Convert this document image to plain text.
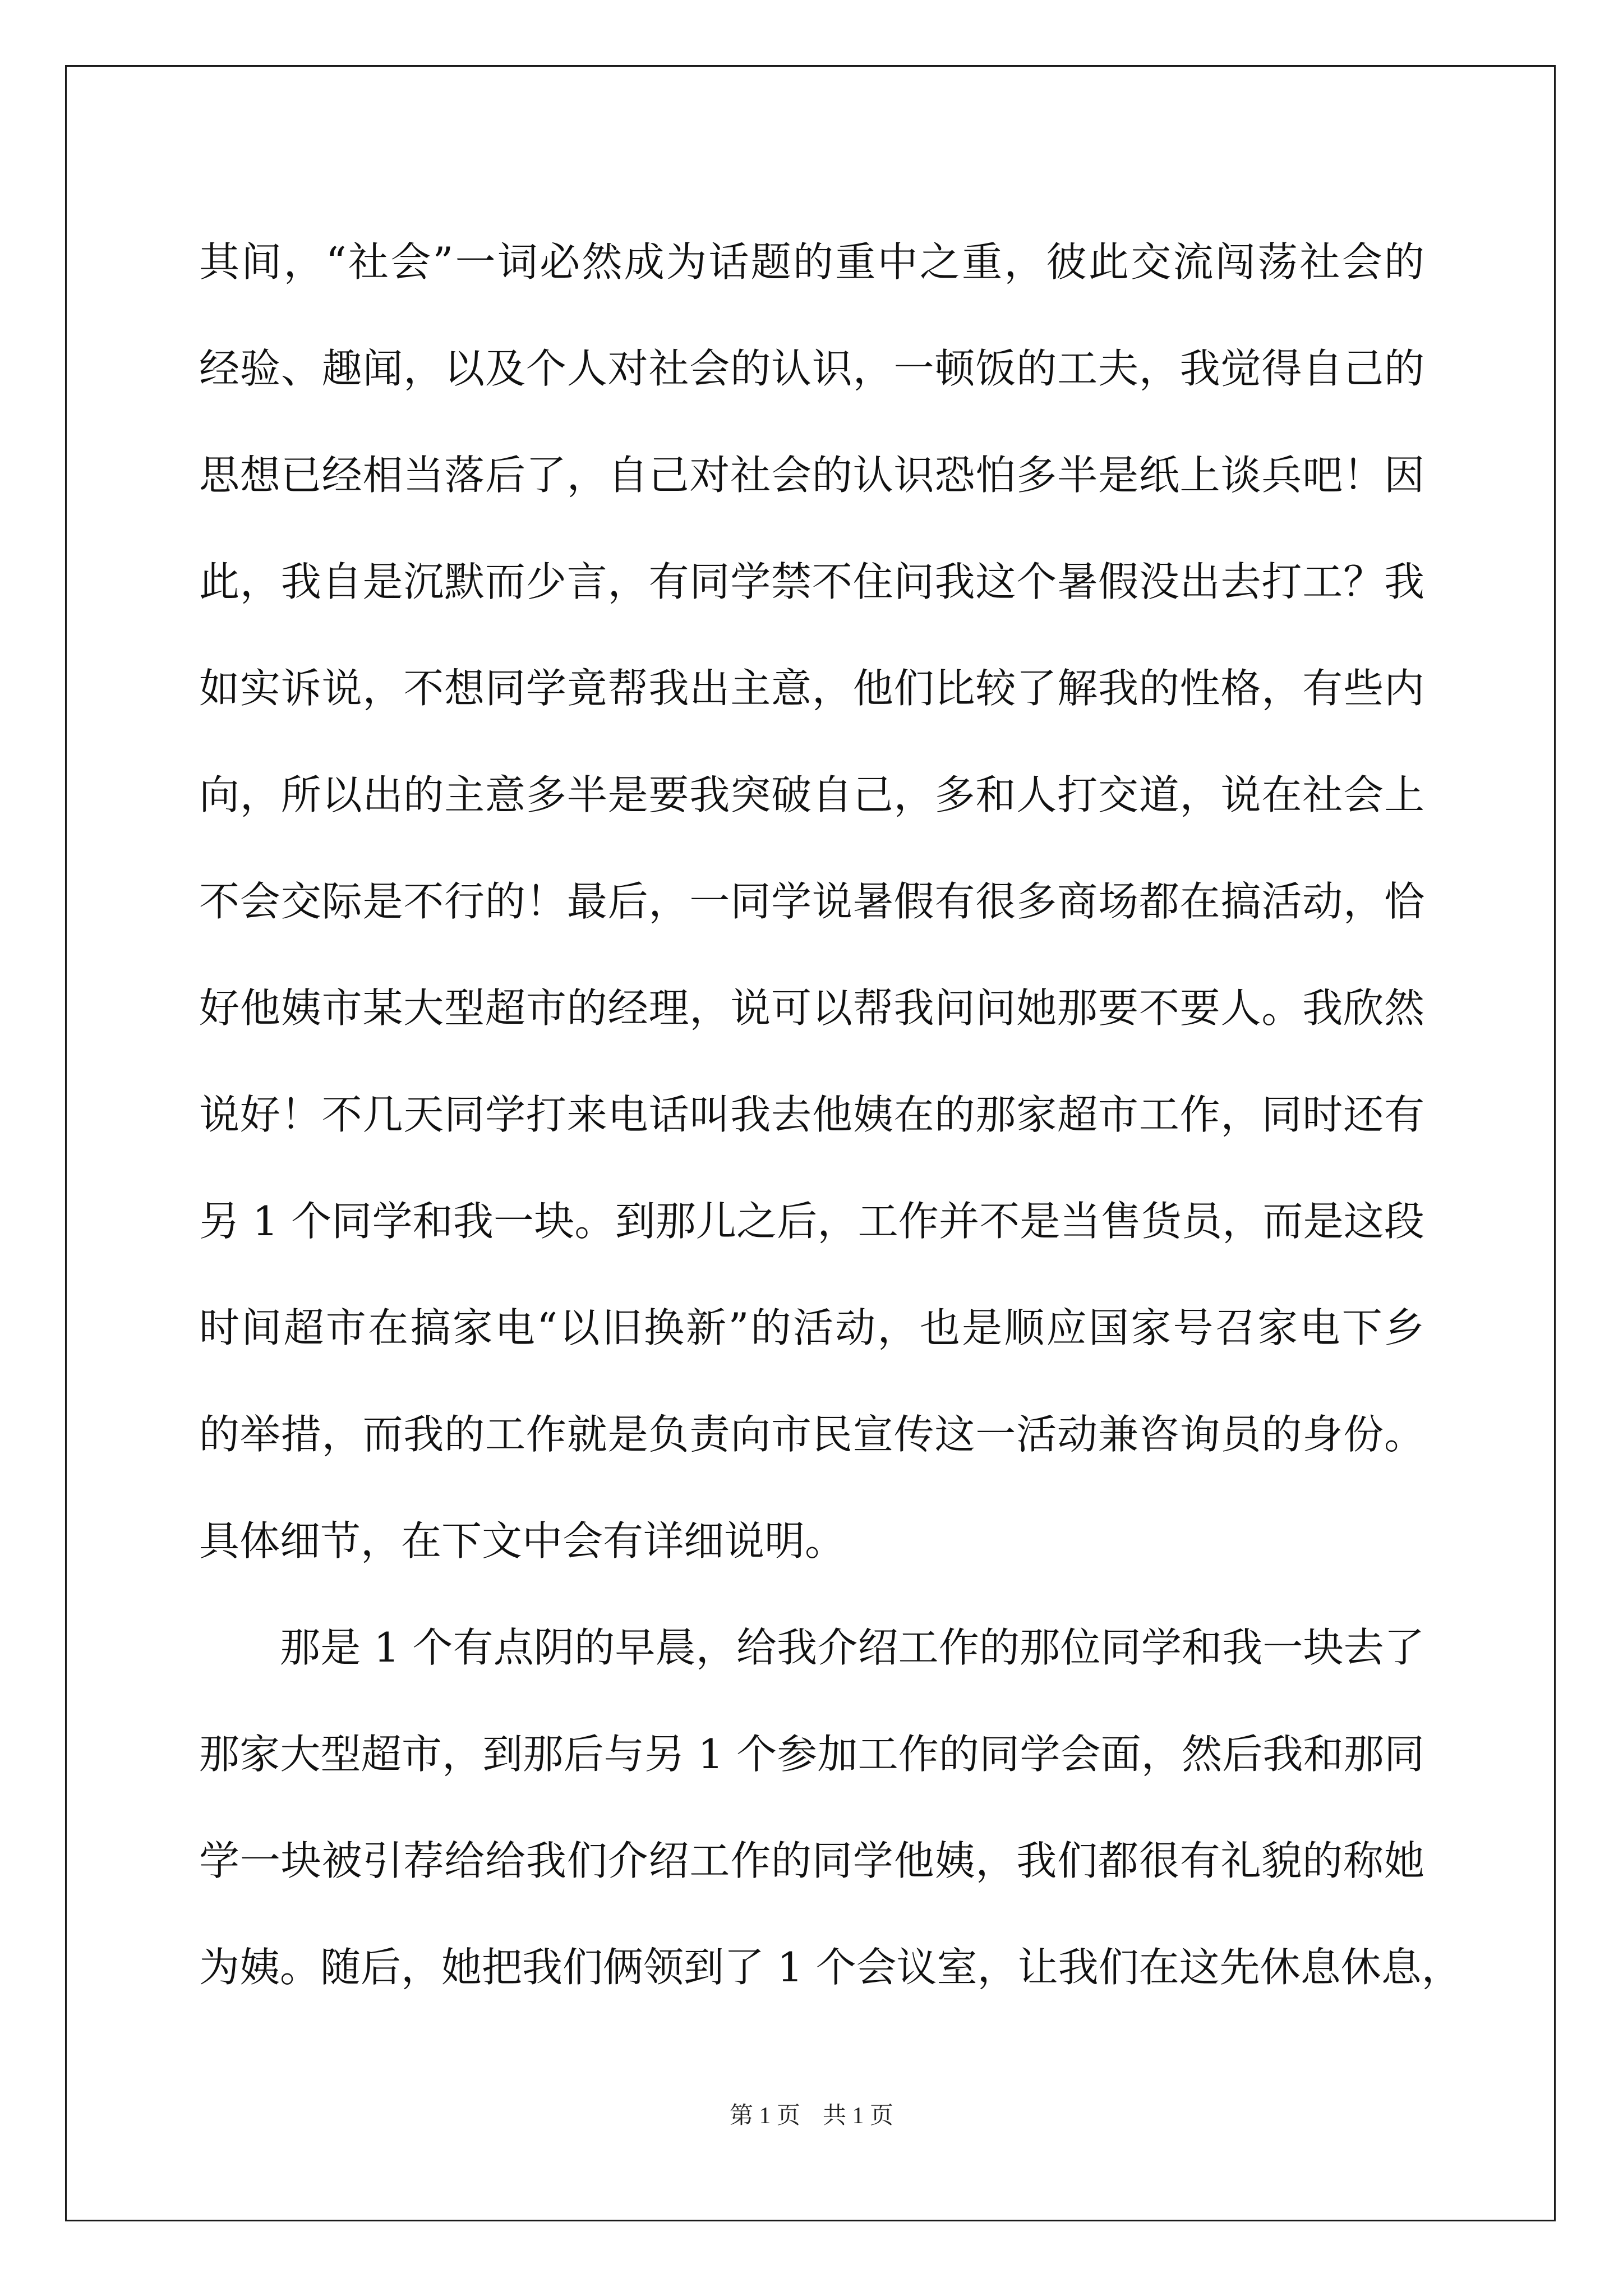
其间，“社会”一词必然成为话题的重中之重，彼此交流闯荡社会的
经验、趣闻，以及个人对社会的认识，一顿饭的工夫，我觉得自己的
思想已经相当落后了，自己对社会的认识恐怕多半是纸上谈兵吧！因
此，我自是沉默而少言，有同学禁不住问我这个暑假没出去打工？我
如实诉说，不想同学竟帮我出主意，他们比较了解我的性格，有些内
向，所以出的主意多半是要我突破自己，多和人打交道，说在社会上
不会交际是不行的！最后，一同学说暑假有很多商场都在搞活动，恰
好他姨市某大型超市的经理，说可以帮我问问她那要不要人。我欣然
说好！不几天同学打来电话叫我去他姨在的那家超市工作，同时还有
另 1 个同学和我一块。到那儿之后，工作并不是当售货员，而是这段
时间超市在搞家电“以旧换新”的活动，也是顺应国家号召家电下乡
的举措，而我的工作就是负责向市民宣传这一活动兼咨询员的身份。
具体细节，在下文中会有详细说明。
那是 1 个有点阴的早晨，给我介绍工作的那位同学和我一块去了
那家大型超市，到那后与另 1 个参加工作的同学会面，然后我和那同
学一块被引荐给给我们介绍工作的同学他姨，我们都很有礼貌的称她
为姨。随后，她把我们俩领到了 1 个会议室，让我们在这先休息休息，
第 1 页 共 1 页
